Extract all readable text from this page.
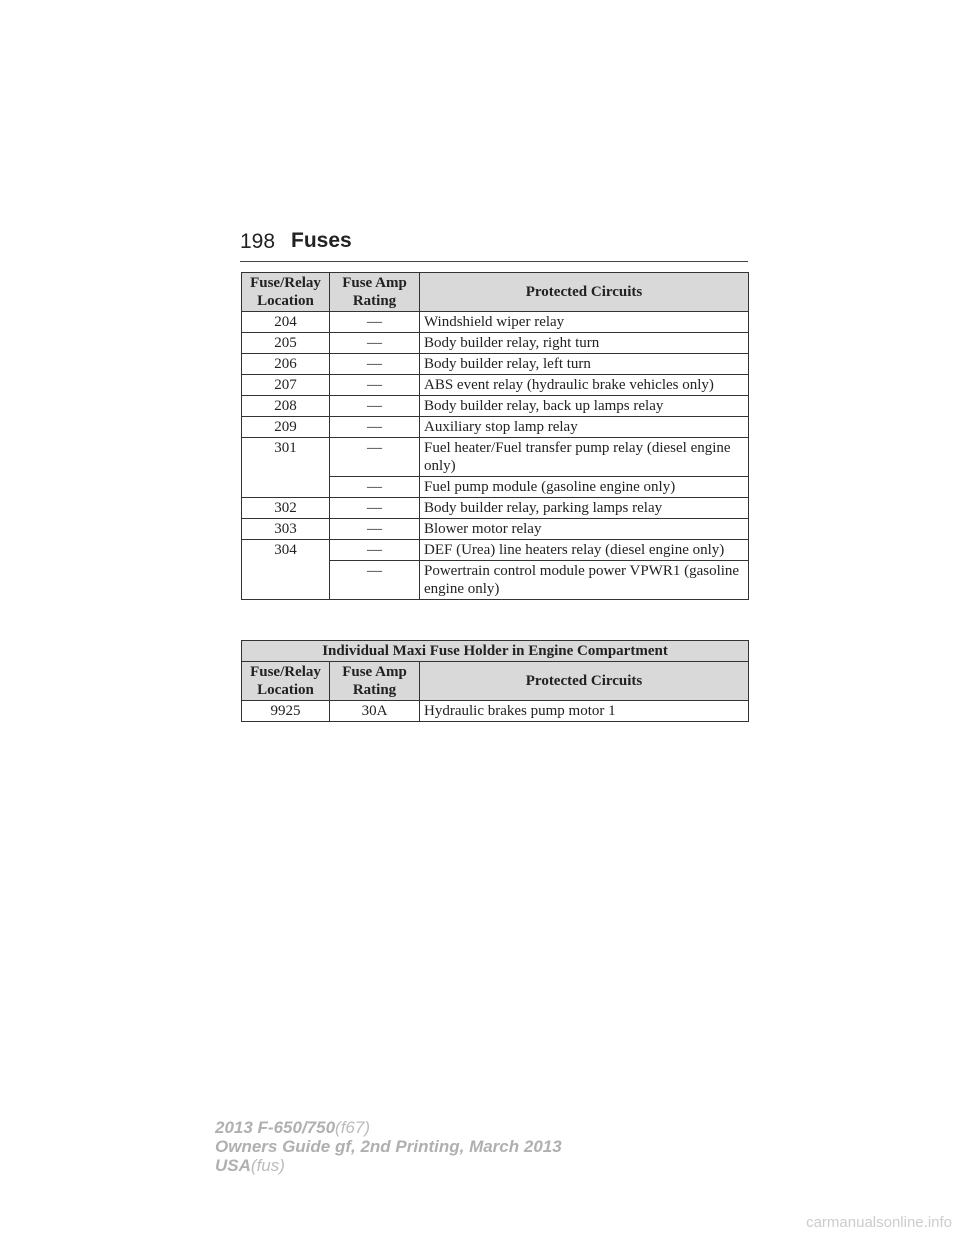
198 Fuses
Fuse/Relay Location	Fuse Amp Rating	Protected Circuits
204	—	Windshield wiper relay
205	—	Body builder relay, right turn
206	—	Body builder relay, left turn
207	—	ABS event relay (hydraulic brake vehicles only)
208	—	Body builder relay, back up lamps relay
209	—	Auxiliary stop lamp relay
301	—	Fuel heater/Fuel transfer pump relay (diesel engine only)
	—	Fuel pump module (gasoline engine only)
302	—	Body builder relay, parking lamps relay
303	—	Blower motor relay
304	—	DEF (Urea) line heaters relay (diesel engine only)
	—	Powertrain control module power VPWR1 (gasoline engine only)
Individual Maxi Fuse Holder in Engine Compartment		
Fuse/Relay Location	Fuse Amp Rating	Protected Circuits
9925	30A	Hydraulic brakes pump motor 1
2013 F-650/750(f67)
Owners Guide gf, 2nd Printing, March 2013
USA(fus)
carmanualsonline.info
